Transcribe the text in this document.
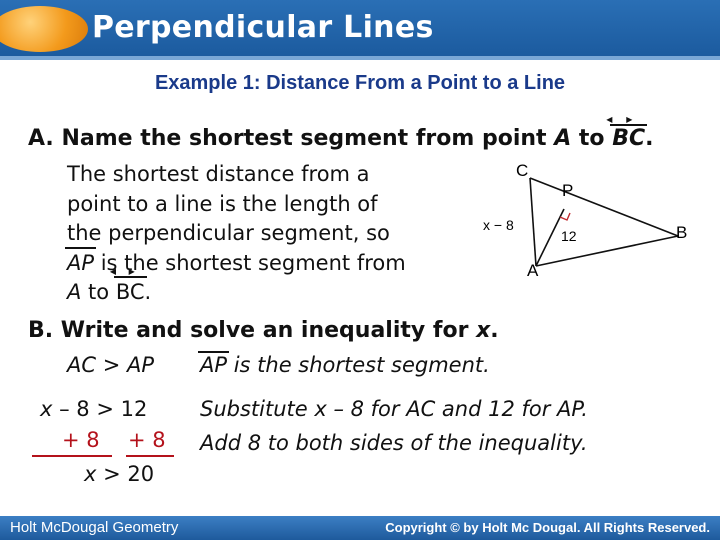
Perpendicular Lines
Example 1: Distance From a Point to a Line
A. Name the shortest segment from point A to BC ◀     ▶.
The shortest distance from a
point to a line is the length of
the perpendicular segment, so
AP is the shortest segment from
A to BC ◀     ▶.
C
P
B
A
x − 8
12
B. Write and solve an inequality for x.
AC > AP AP is the shortest segment.
x – 8 > 12	Substitute x – 8 for AC and 12 for AP.
+ 8 + 8 Add 8 to both sides of the inequality.
x > 20
Holt McDougal Geometry	Copyright © by Holt Mc Dougal. All Rights Reserved.
